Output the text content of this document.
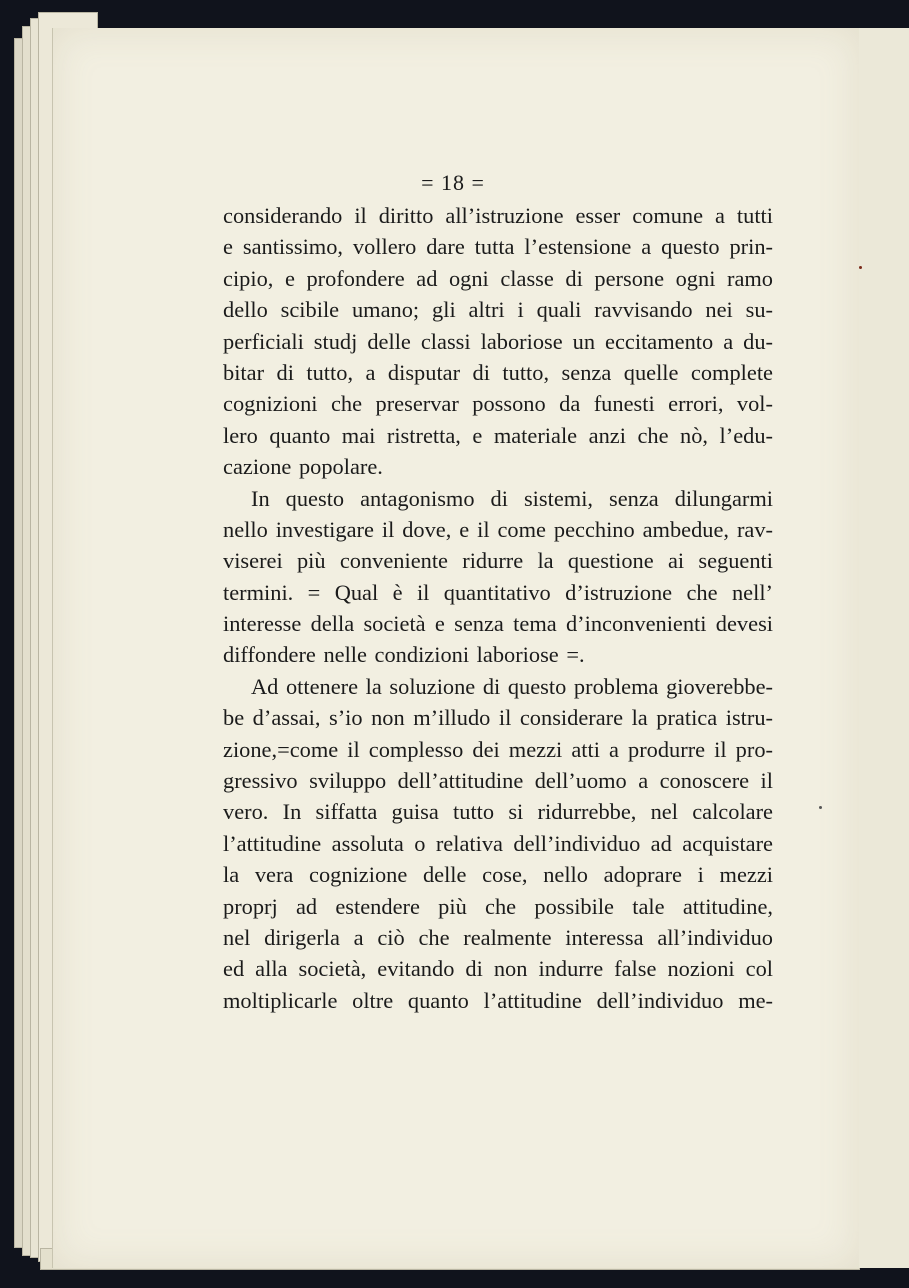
= 18 =
considerando il diritto all’istruzione esser comune a tutti
e santissimo, vollero dare tutta l’estensione a questo prin-
cipio, e profondere ad ogni classe di persone ogni ramo
dello scibile umano; gli altri i quali ravvisando nei su-
perficiali studj delle classi laboriose un eccitamento a du-
bitar di tutto, a disputar di tutto, senza quelle complete
cognizioni che preservar possono da funesti errori, vol-
lero quanto mai ristretta, e materiale anzi che nò, l’edu-
cazione popolare.
In questo antagonismo di sistemi, senza dilungarmi
nello investigare il dove, e il come pecchino ambedue, rav-
viserei più conveniente ridurre la questione ai seguenti
termini. = Qual è il quantitativo d’istruzione che nell’
interesse della società e senza tema d’inconvenienti devesi
diffondere nelle condizioni laboriose =.
Ad ottenere la soluzione di questo problema gioverebbe-
be d’assai, s’io non m’illudo il considerare la pratica istru-
zione,=come il complesso dei mezzi atti a produrre il pro-
gressivo sviluppo dell’attitudine dell’uomo a conoscere il
vero. In siffatta guisa tutto si ridurrebbe, nel calcolare
l’attitudine assoluta o relativa dell’individuo ad acquistare
la vera cognizione delle cose, nello adoprare i mezzi
proprj ad estendere più che possibile tale attitudine,
nel dirigerla a ciò che realmente interessa all’individuo
ed alla società, evitando di non indurre false nozioni col
moltiplicarle oltre quanto l’attitudine dell’individuo me-
